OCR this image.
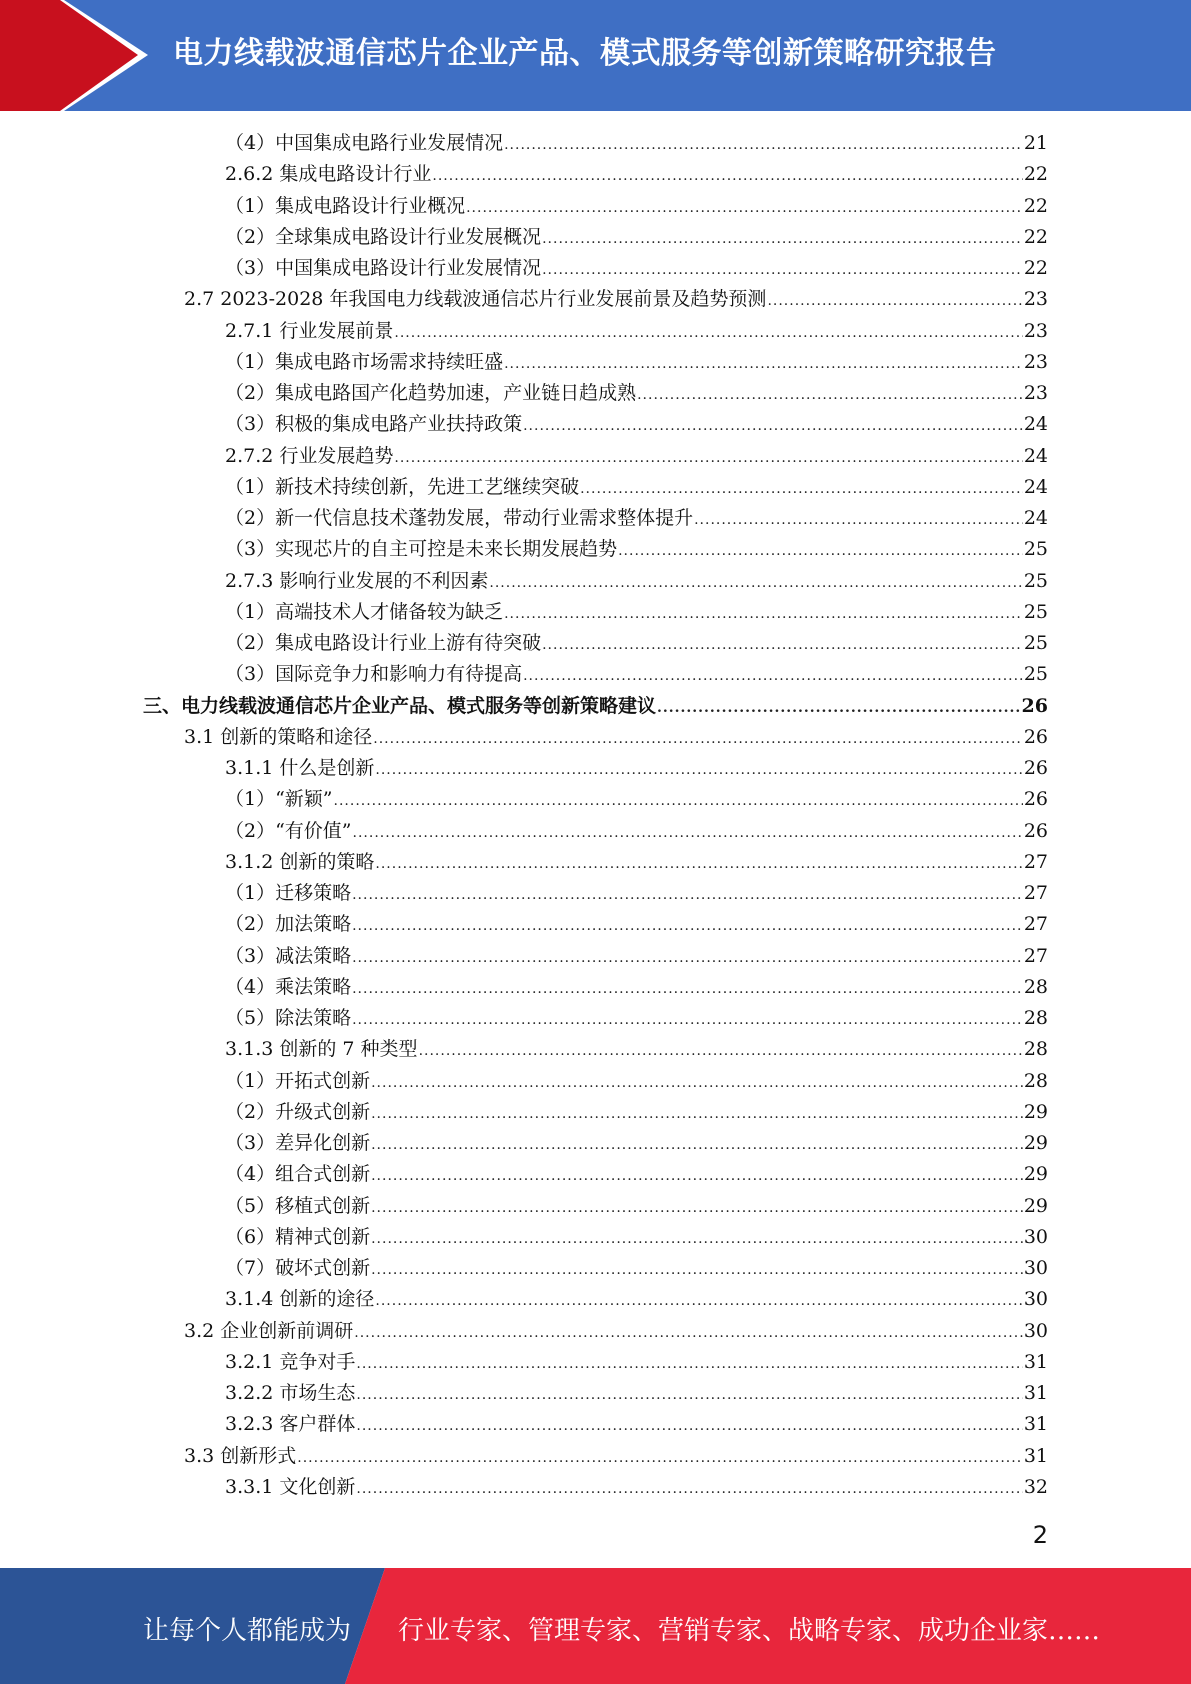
电力线载波通信芯片企业产品、模式服务等创新策略研究报告
（4）中国集成电路行业发展情况 .....	21
2.6.2 集成电路设计行业 .....	22
（1）集成电路设计行业概况 .....	22
（2）全球集成电路设计行业发展概况 .....	22
（3）中国集成电路设计行业发展情况 .....	22
2.7 2023-2028 年我国电力线载波通信芯片行业发展前景及趋势预测 .....	23
2.7.1 行业发展前景 .....	23
（1）集成电路市场需求持续旺盛 .....	23
（2）集成电路国产化趋势加速，产业链日趋成熟 .....	23
（3）积极的集成电路产业扶持政策 .....	24
2.7.2 行业发展趋势 .....	24
（1）新技术持续创新，先进工艺继续突破 .....	24
（2）新一代信息技术蓬勃发展，带动行业需求整体提升 .....	24
（3）实现芯片的自主可控是未来长期发展趋势 .....	25
2.7.3 影响行业发展的不利因素 .....	25
（1）高端技术人才储备较为缺乏 .....	25
（2）集成电路设计行业上游有待突破 .....	25
（3）国际竞争力和影响力有待提高 .....	25
三、电力线载波通信芯片企业产品、模式服务等创新策略建议 .....	26
3.1 创新的策略和途径 .....	26
3.1.1 什么是创新 .....	26
（1）“新颖” .....	26
（2）“有价值” .....	26
3.1.2 创新的策略 .....	27
（1）迁移策略 .....	27
（2）加法策略 .....	27
（3）减法策略 .....	27
（4）乘法策略 .....	28
（5）除法策略 .....	28
3.1.3 创新的 7 种类型 .....	28
（1）开拓式创新 .....	28
（2）升级式创新 .....	29
（3）差异化创新 .....	29
（4）组合式创新 .....	29
（5）移植式创新 .....	29
（6）精神式创新 .....	30
（7）破坏式创新 .....	30
3.1.4 创新的途径 .....	30
3.2 企业创新前调研 .....	30
3.2.1 竞争对手 .....	31
3.2.2 市场生态 .....	31
3.2.3 客户群体 .....	31
3.3 创新形式 .....	31
3.3.1 文化创新 .....	32
2
让每个人都能成为 行业专家、管理专家、营销专家、战略专家、成功企业家……
